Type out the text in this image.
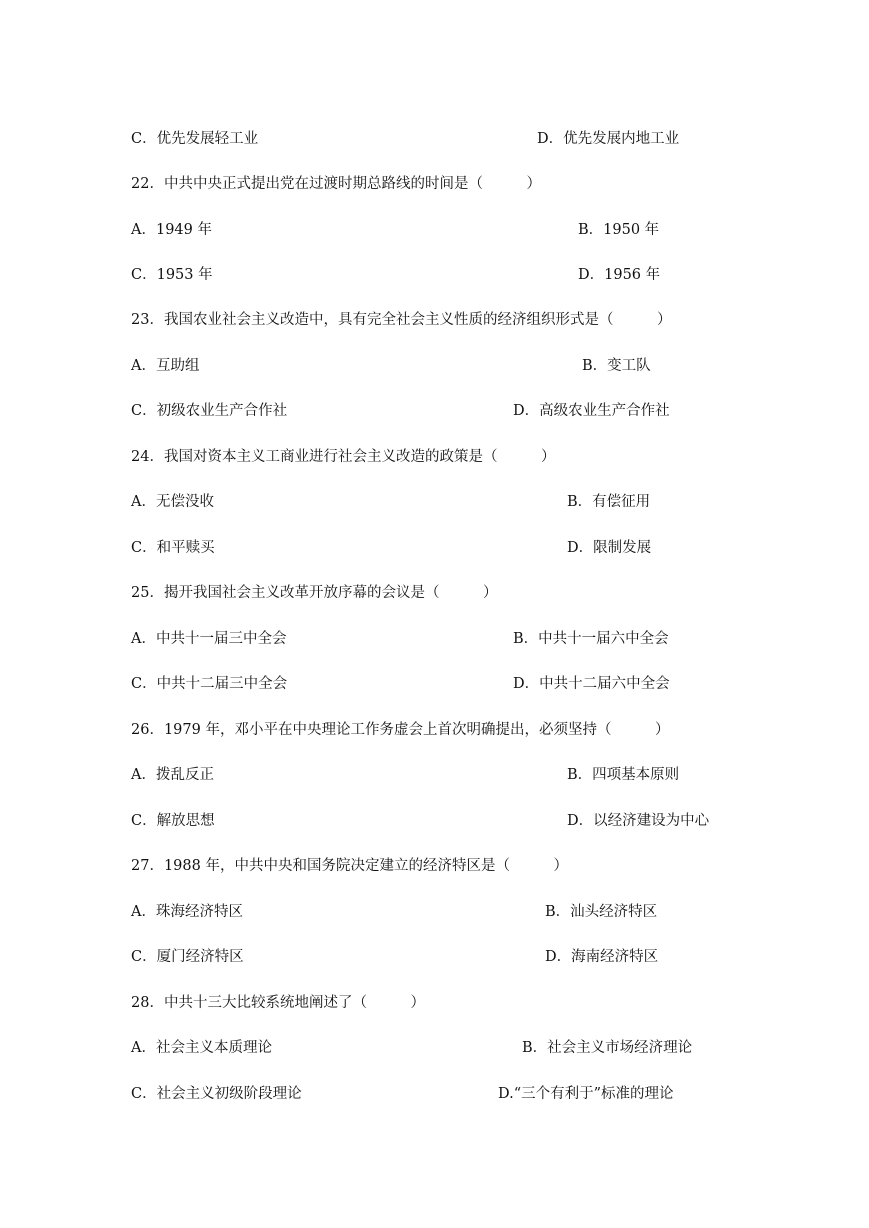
C．优先发展轻工业	D．优先发展内地工业
22．中共中央正式提出党在过渡时期总路线的时间是（　　　）
A．1949 年	B．1950 年
C．1953 年	D．1956 年
23．我国农业社会主义改造中，具有完全社会主义性质的经济组织形式是（　　　）
A．互助组	B．变工队
C．初级农业生产合作社	D．高级农业生产合作社
24．我国对资本主义工商业进行社会主义改造的政策是（　　　）
A．无偿没收	B．有偿征用
C．和平赎买	D．限制发展
25．揭开我国社会主义改革开放序幕的会议是（　　　）
A．中共十一届三中全会	B．中共十一届六中全会
C．中共十二届三中全会	D．中共十二届六中全会
26．1979 年，邓小平在中央理论工作务虚会上首次明确提出，必须坚持（　　　）
A．拨乱反正	B．四项基本原则
C．解放思想	D．以经济建设为中心
27．1988 年，中共中央和国务院决定建立的经济特区是（　　　）
A．珠海经济特区	B．汕头经济特区
C．厦门经济特区	D．海南经济特区
28．中共十三大比较系统地阐述了（　　　）
A．社会主义本质理论	B．社会主义市场经济理论
C．社会主义初级阶段理论	D.“三个有利于”标准的理论
